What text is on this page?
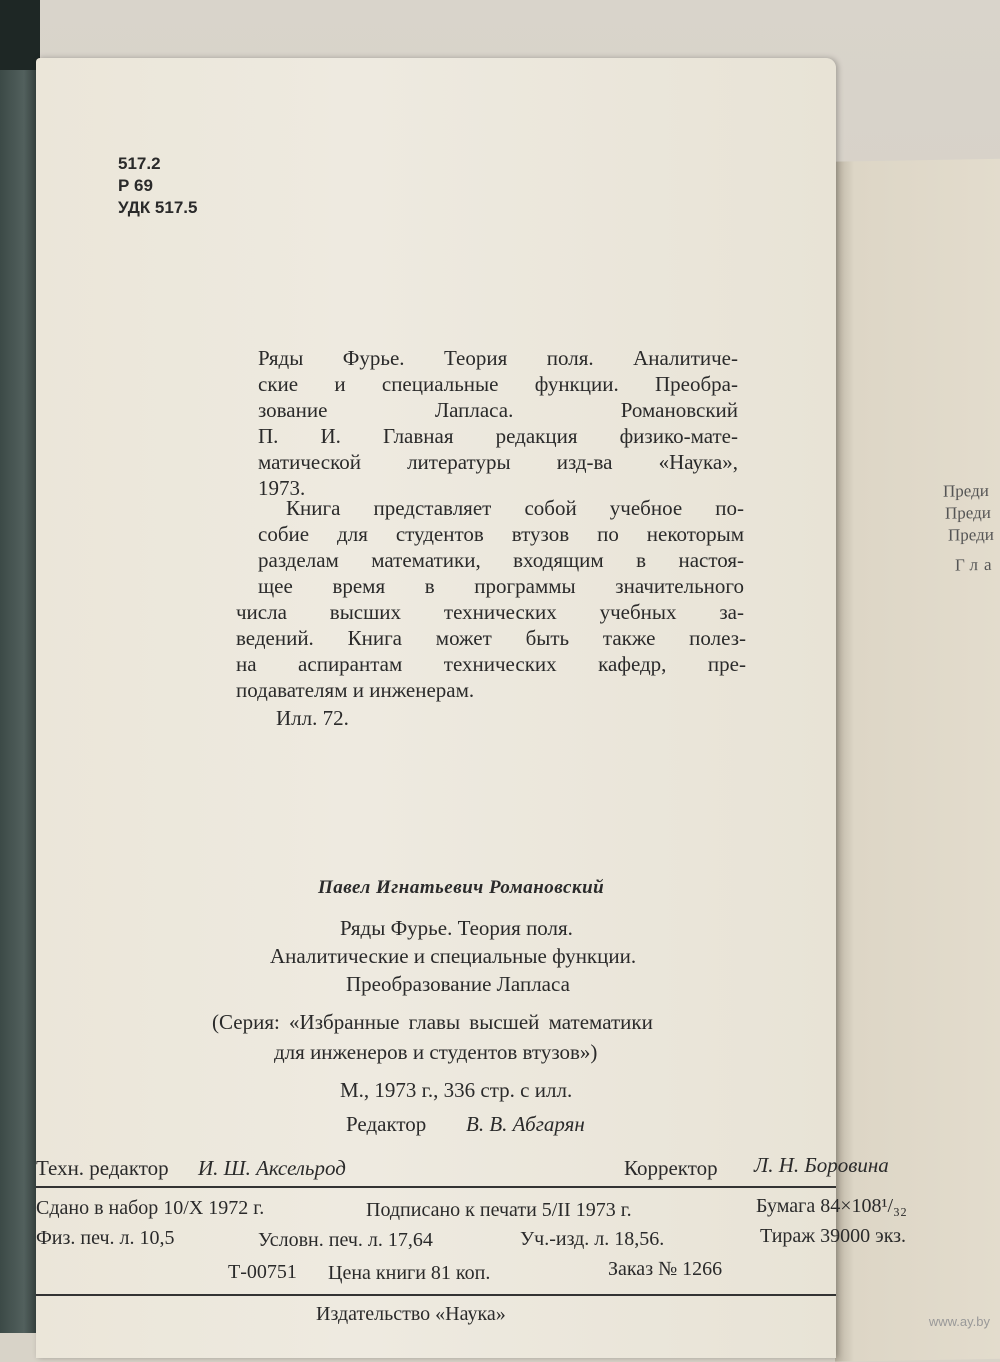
Преди
Преди
Преди
Гла
517.2
Р 69
УДК 517.5
Ряды Фурье. Теория поля. Аналитиче-
ские и специальные функции. Преобра-
зование Лапласа. Романовский
П. И. Главная редакция физико-мате-
матической литературы изд-ва «Наука»,
1973.
Книга представляет собой учебное по-
собие для студентов втузов по некоторым
разделам математики, входящим в настоя-
щее время в программы значительного
числа высших технических учебных за-
ведений. Книга может быть также полез-
на аспирантам технических кафедр, пре-
подавателям и инженерам.
Илл. 72.
Павел Игнатьевич Романовский
Ряды Фурье. Теория поля.
Аналитические и специальные функции.
Преобразование Лапласа
(Серия: «Избранные главы высшей математики
для инженеров и студентов втузов»)
М., 1973 г., 336 стр. с илл.
Редактор В. В. Абгарян
Техн. редактор И. Ш. Аксельрод	Корректор Л. Н. Боровина
Сдано в набор 10/X 1972 г.	Подписано к печати 5/II 1973 г.	Бумага 84×108¹/₃₂
Физ. печ. л. 10,5	Условн. печ. л. 17,64	Уч.-изд. л. 18,56.	Тираж 39000 экз.
Т-00751 Цена книги 81 коп.	Заказ № 1266
Издательство «Наука»	www.ay.by
